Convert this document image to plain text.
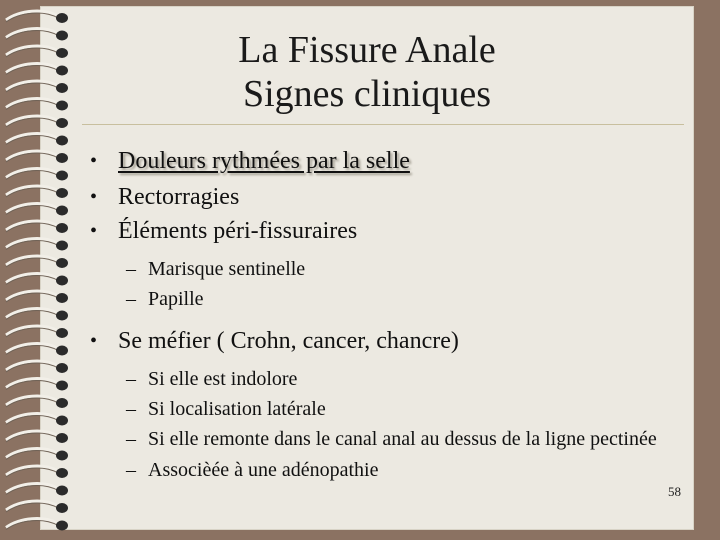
La Fissure Anale
Signes cliniques
• Douleurs rythmées par la selle
• Rectorragies
• Éléments péri-fissuraires
– Marisque sentinelle
– Papille
• Se méfier ( Crohn, cancer, chancre)
– Si elle est indolore
– Si localisation latérale
– Si elle remonte dans le canal anal au dessus de la ligne pectinée
– Associèée à une adénopathie
58
